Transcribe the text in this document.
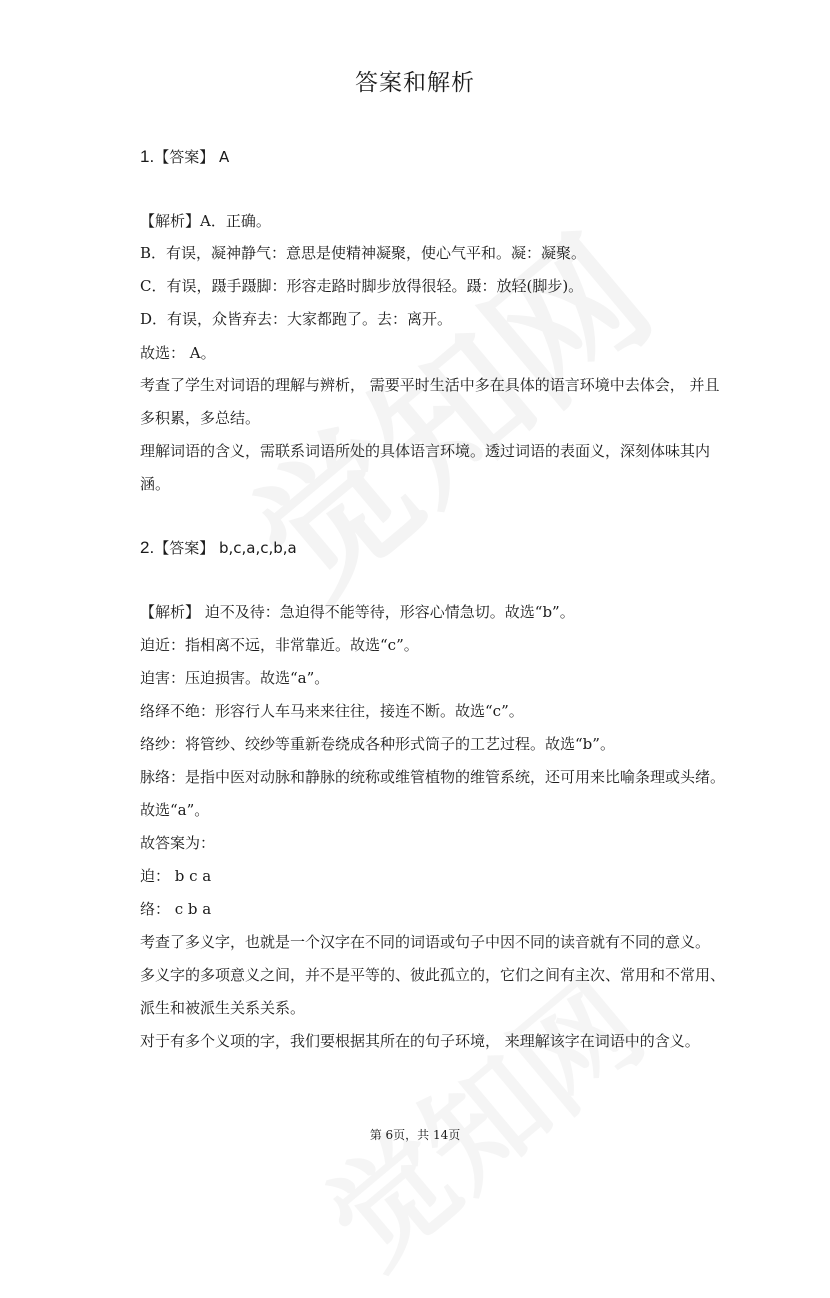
答案和解析
1.【答案】 A
【解析】A．正确。
B．有误，凝神静气：意思是使精神凝聚，使心气平和。凝：凝聚。
C．有误，蹑手蹑脚：形容走路时脚步放得很轻。蹑：放轻(脚步)。
D．有误，众皆弃去：大家都跑了。去：离开。
故选： A。
考查了学生对词语的理解与辨析， 需要平时生活中多在具体的语言环境中去体会， 并且
多积累，多总结。
理解词语的含义，需联系词语所处的具体语言环境。透过词语的表面义，深刻体味其内
涵。
2.【答案】 b,c,a,c,b,a
【解析】 迫不及待：急迫得不能等待，形容心情急切。故选“b”。
迫近：指相离不远，非常靠近。故选“c”。
迫害：压迫损害。故选“a”。
络绎不绝：形容行人车马来来往往，接连不断。故选“c”。
络纱：将管纱、绞纱等重新卷绕成各种形式筒子的工艺过程。故选“b”。
脉络：是指中医对动脉和静脉的统称或维管植物的维管系统，还可用来比喻条理或头绪。
故选“a”。
故答案为：
迫： b c a
络： c b a
考查了多义字，也就是一个汉字在不同的词语或句子中因不同的读音就有不同的意义。
多义字的多项意义之间，并不是平等的、彼此孤立的，它们之间有主次、常用和不常用、
派生和被派生关系关系。
对于有多个义项的字，我们要根据其所在的句子环境， 来理解该字在词语中的含义。
第 6页，共 14页
